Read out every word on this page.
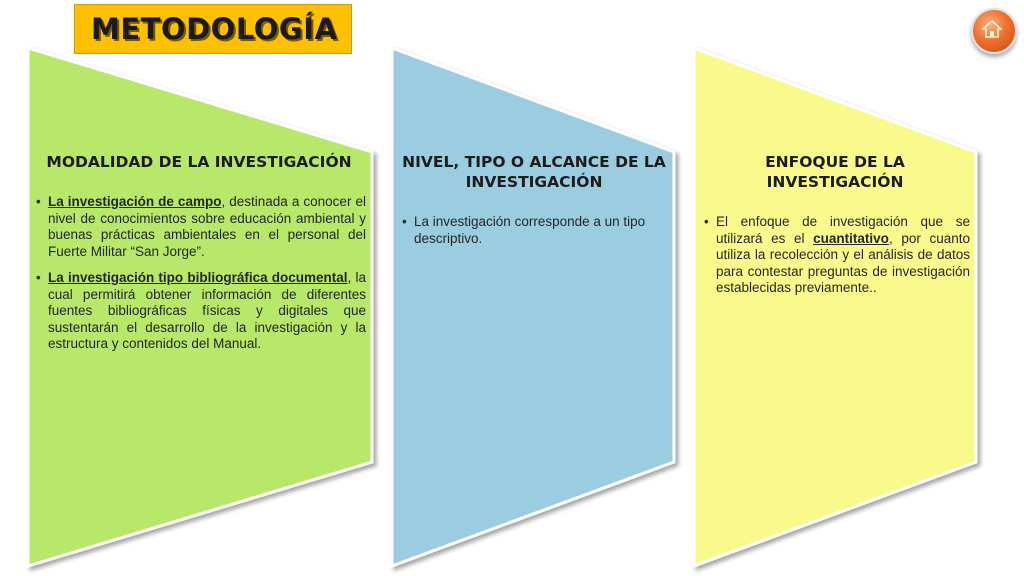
METODOLOGÍA
MODALIDAD DE LA INVESTIGACIÓN
• La investigación de campo, destinada a conocer el nivel de conocimientos sobre educación ambiental y buenas prácticas ambientales en el personal del Fuerte Militar “San Jorge”.
• La investigación tipo bibliográfica documental, la cual permitirá obtener información de diferentes fuentes bibliográficas físicas y digitales que sustentarán el desarrollo de la investigación y la estructura y contenidos del Manual.
NIVEL, TIPO O ALCANCE DE LA INVESTIGACIÓN
• La investigación corresponde a un tipo descriptivo.
ENFOQUE DE LA INVESTIGACIÓN
• El enfoque de investigación que se utilizará es el cuantitativo, por cuanto utiliza la recolección y el análisis de datos para contestar preguntas de investigación establecidas previamente..
